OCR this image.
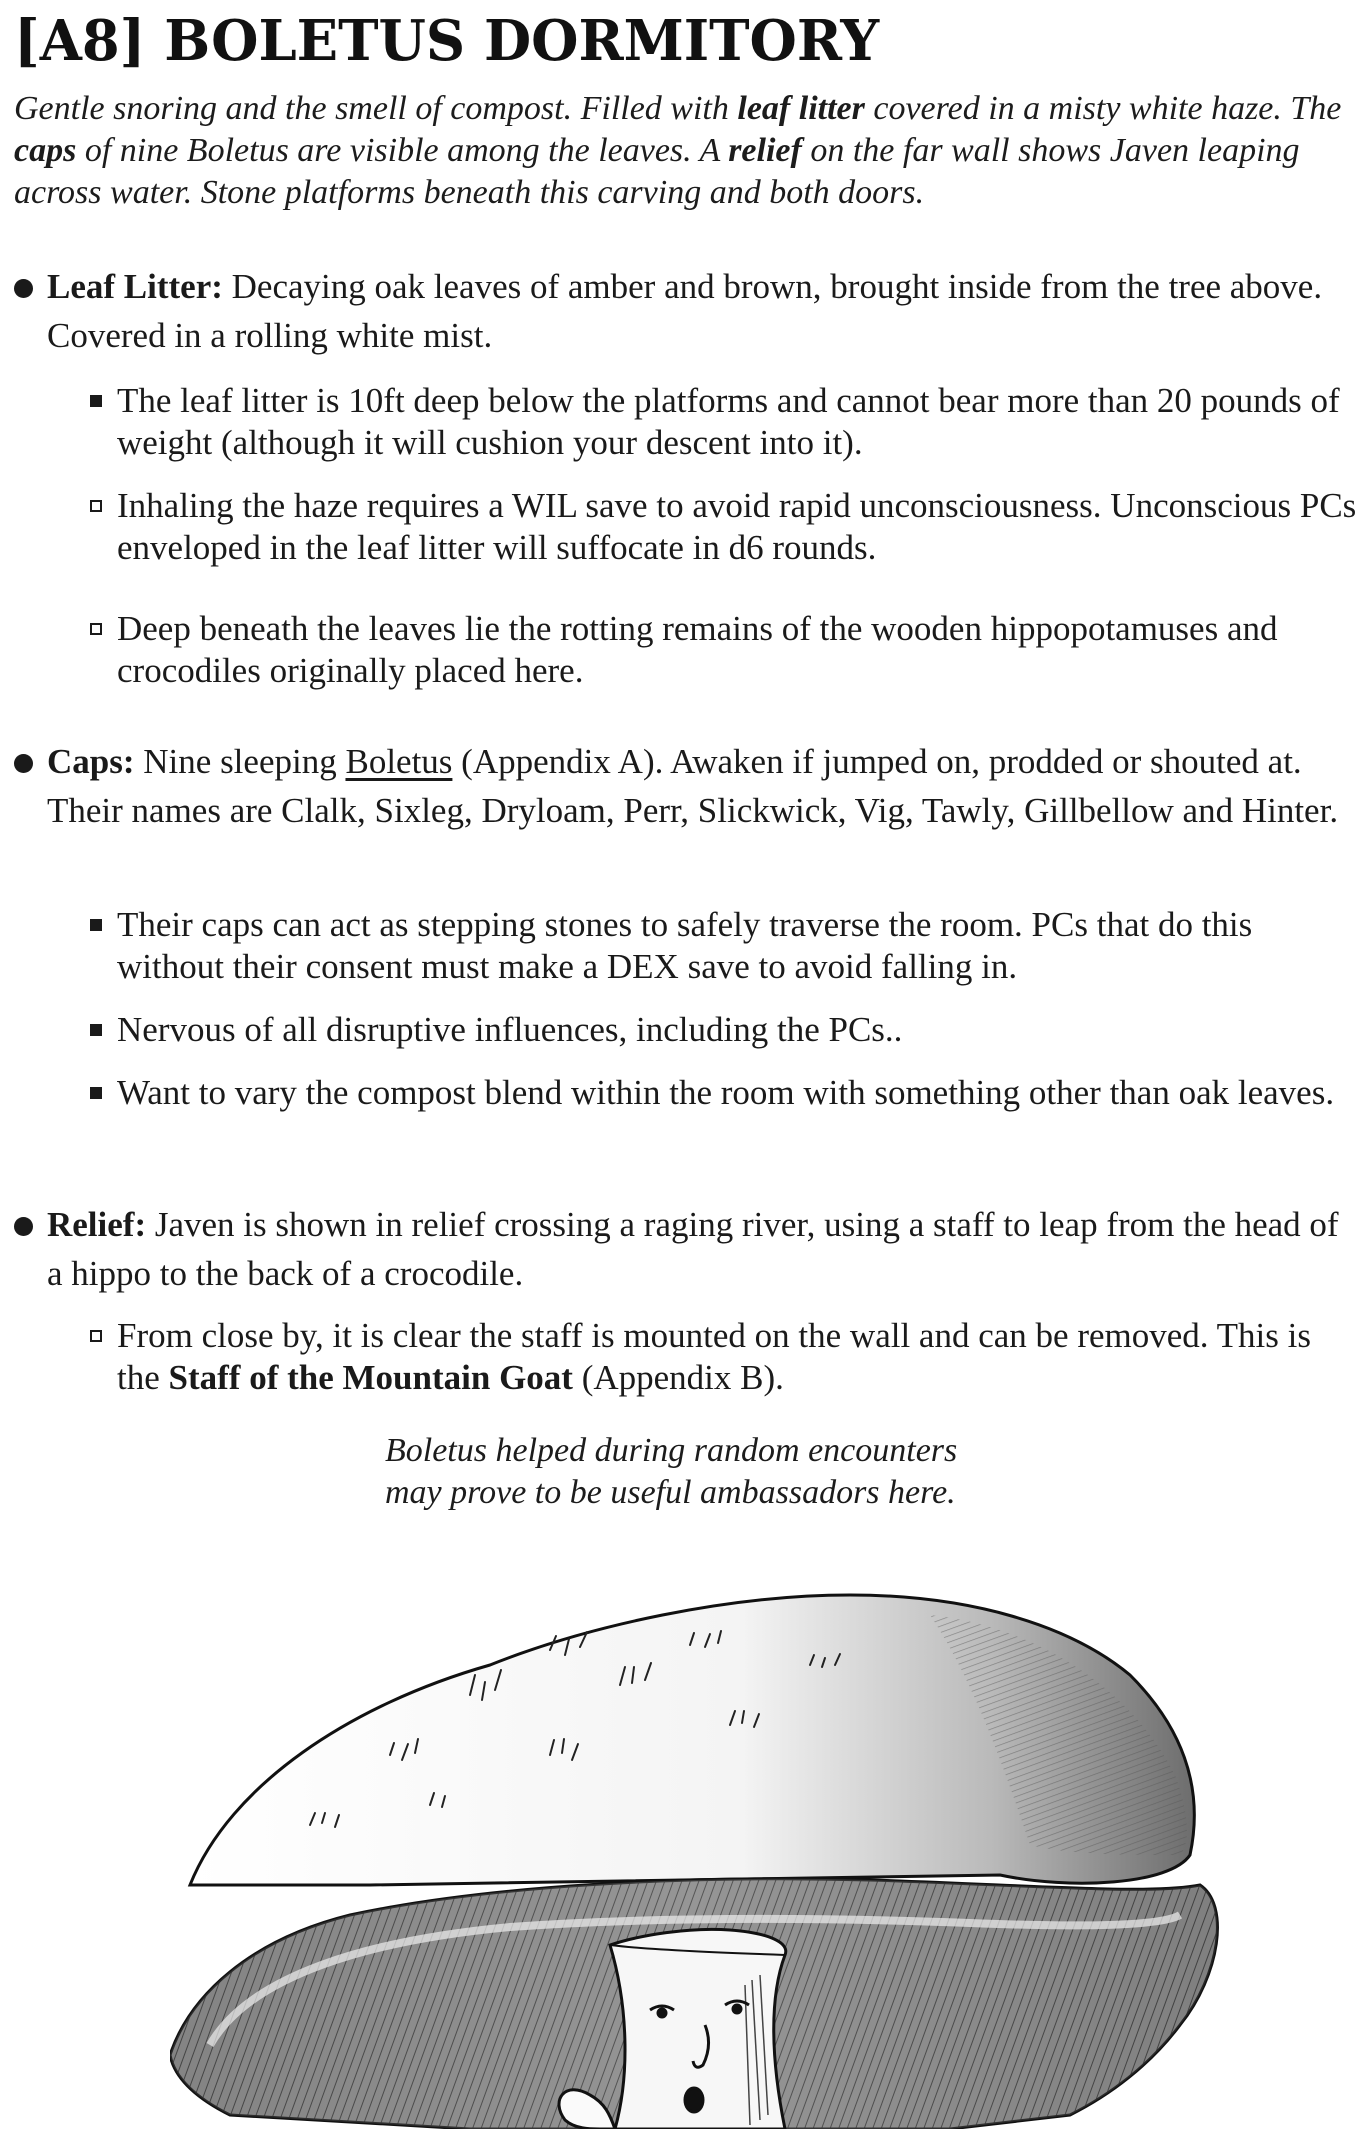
[A8] BOLETUS DORMITORY
Gentle snoring and the smell of compost. Filled with leaf litter covered in a misty white haze. The caps of nine Boletus are visible among the leaves. A relief on the far wall shows Javen leaping across water. Stone platforms beneath this carving and both doors.
Leaf Litter: Decaying oak leaves of amber and brown, brought inside from the tree above. Covered in a rolling white mist.
The leaf litter is 10ft deep below the platforms and cannot bear more than 20 pounds of weight (although it will cushion your descent into it).
Inhaling the haze requires a WIL save to avoid rapid unconsciousness. Unconscious PCs enveloped in the leaf litter will suffocate in d6 rounds.
Deep beneath the leaves lie the rotting remains of the wooden hippopotamuses and crocodiles originally placed here.
Caps: Nine sleeping Boletus (Appendix A). Awaken if jumped on, prodded or shouted at. Their names are Clalk, Sixleg, Dryloam, Perr, Slickwick, Vig, Tawly, Gillbellow and Hinter.
Their caps can act as stepping stones to safely traverse the room. PCs that do this without their consent must make a DEX save to avoid falling in.
Nervous of all disruptive influences, including the PCs..
Want to vary the compost blend within the room with something other than oak leaves.
Relief: Javen is shown in relief crossing a raging river, using a staff to leap from the head of a hippo to the back of a crocodile.
From close by, it is clear the staff is mounted on the wall and can be removed. This is the Staff of the Mountain Goat (Appendix B).
Boletus helped during random encounters
may prove to be useful ambassadors here.
